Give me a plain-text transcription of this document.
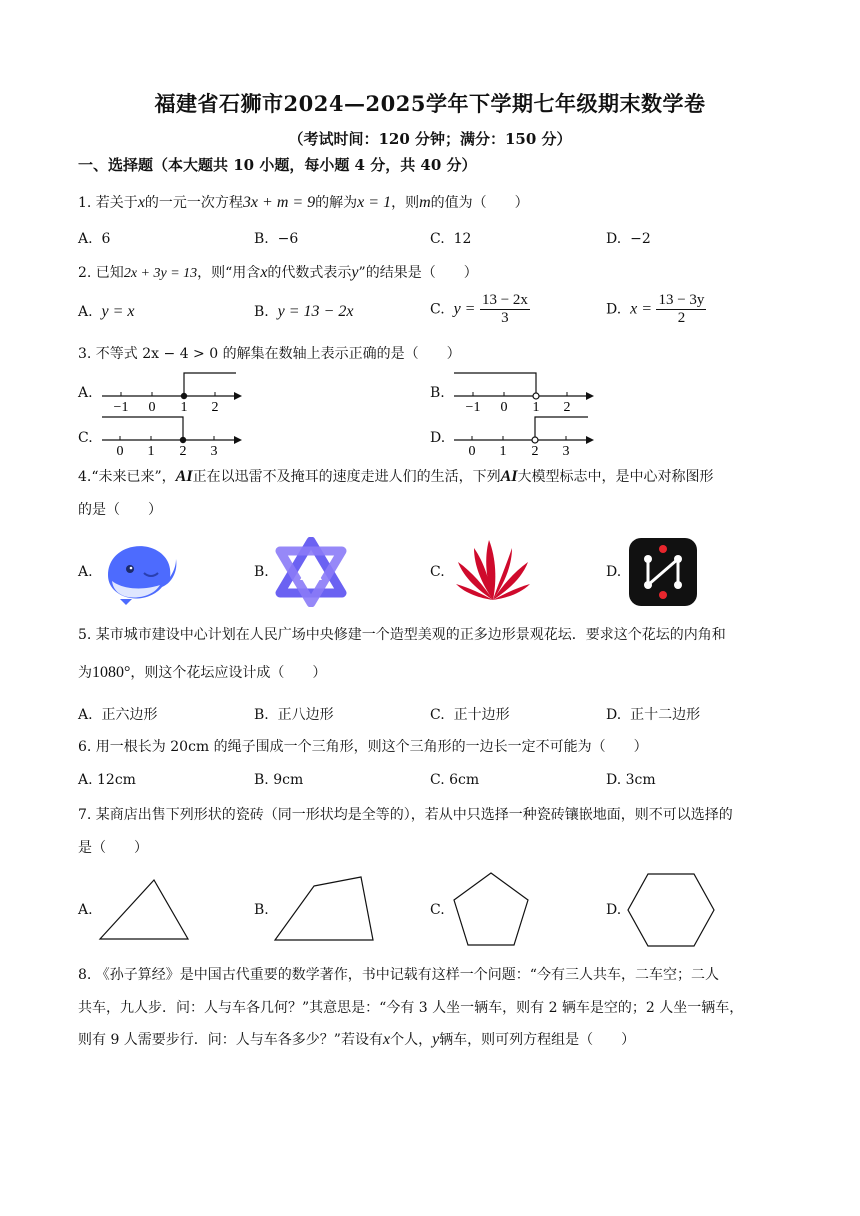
福建省石狮市2024—2025学年下学期七年级期末数学卷
（考试时间：120 分钟；满分：150 分）
一、选择题（本大题共 10 小题，每小题 4 分，共 40 分）
1. 若关于x的一元一次方程3x + m = 9的解为x = 1，则m的值为（　　）
A. 6	B. −6	C. 12	D. −2
2. 已知2x + 3y = 13，则“用含x的代数式表示y”的结果是（　　）
A. y = x	B. y = 13 − 2x	C. $y = \frac{13 - 2x}{3}$	D. $x = \frac{13 - 3y}{2}$
3. 不等式 2x − 4 > 0 的解集在数轴上表示正确的是（　　）
A.
−1 0 1 2
B.
−1 0 1 2
C.
0 1 2 3
D.
0 1 2 3
4.“未来已来”，AI正在以迅雷不及掩耳的速度走进人们的生活，下列AI大模型标志中，是中心对称图形
的是（　　）
A.	B.	C.	D.
5. 某市城市建设中心计划在人民广场中央修建一个造型美观的正多边形景观花坛．要求这个花坛的内角和
为1080°，则这个花坛应设计成（　　）
A. 正六边形	B. 正八边形	C. 正十边形	D. 正十二边形
6. 用一根长为 20cm 的绳子围成一个三角形，则这个三角形的一边长一定不可能为（　　）
A. 12cm	B. 9cm	C. 6cm	D. 3cm
7. 某商店出售下列形状的瓷砖（同一形状均是全等的），若从中只选择一种瓷砖镶嵌地面，则不可以选择的
是（　　）
A.	B.	C.	D.
8. 《孙子算经》是中国古代重要的数学著作，书中记载有这样一个问题：“今有三人共车，二车空；二人
共车，九人步．问：人与车各几何？”其意思是：“今有 3 人坐一辆车，则有 2 辆车是空的；2 人坐一辆车，
则有 9 人需要步行．问：人与车各多少？”若设有x个人，y辆车，则可列方程组是（　　）
